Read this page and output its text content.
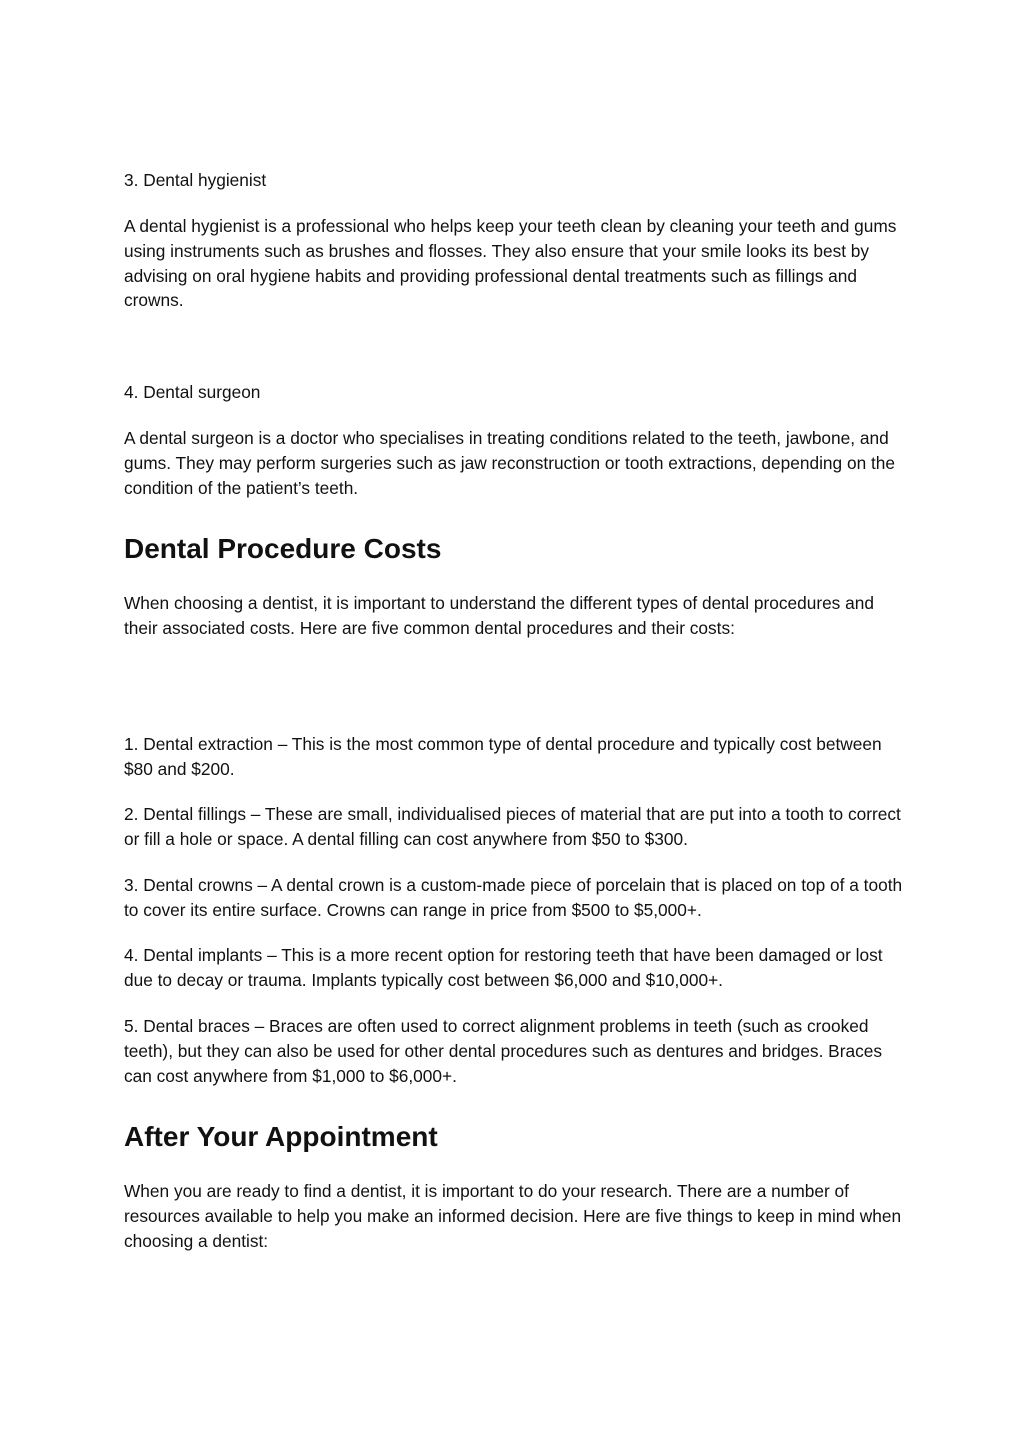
3. Dental hygienist

A dental hygienist is a professional who helps keep your teeth clean by cleaning your teeth and gums using instruments such as brushes and flosses. They also ensure that your smile looks its best by advising on oral hygiene habits and providing professional dental treatments such as fillings and crowns.

4. Dental surgeon

A dental surgeon is a doctor who specialises in treating conditions related to the teeth, jawbone, and gums. They may perform surgeries such as jaw reconstruction or tooth extractions, depending on the condition of the patient’s teeth.

Dental Procedure Costs

When choosing a dentist, it is important to understand the different types of dental procedures and their associated costs. Here are five common dental procedures and their costs:

1. Dental extraction – This is the most common type of dental procedure and typically cost between $80 and $200.

2. Dental fillings – These are small, individualised pieces of material that are put into a tooth to correct or fill a hole or space. A dental filling can cost anywhere from $50 to $300.

3. Dental crowns – A dental crown is a custom-made piece of porcelain that is placed on top of a tooth to cover its entire surface. Crowns can range in price from $500 to $5,000+.

4. Dental implants – This is a more recent option for restoring teeth that have been damaged or lost due to decay or trauma. Implants typically cost between $6,000 and $10,000+.

5. Dental braces – Braces are often used to correct alignment problems in teeth (such as crooked teeth), but they can also be used for other dental procedures such as dentures and bridges. Braces can cost anywhere from $1,000 to $6,000+.

After Your Appointment

When you are ready to find a dentist, it is important to do your research. There are a number of resources available to help you make an informed decision. Here are five things to keep in mind when choosing a dentist:
